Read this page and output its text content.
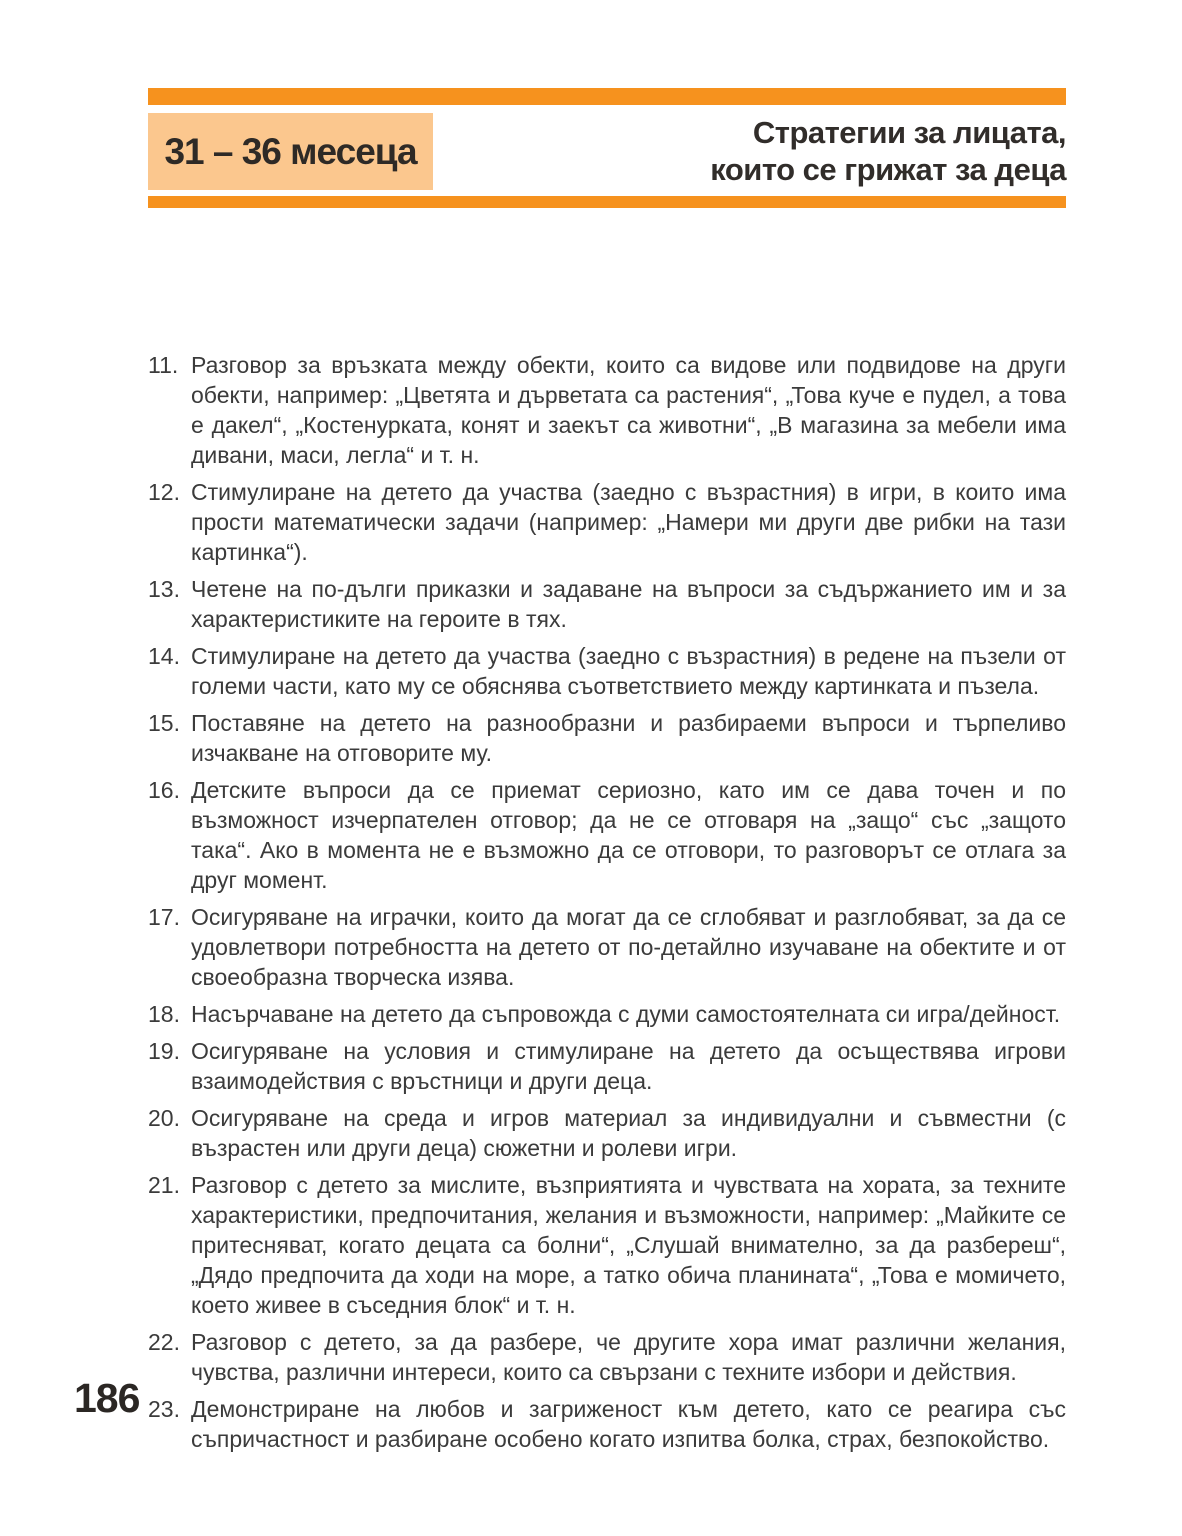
31 – 36 месеца	Стратегии за лицата,
които се грижат за деца
11. Разговор за връзката между обекти, които са видове или подвидове на други обекти, например: „Цветята и дърветата са растения“, „Това куче е пудел, а това е дакел“, „Костенурката, конят и заекът са животни“, „В магазина за мебели има дивани, маси, легла“ и т. н.

12. Стимулиране на детето да участва (заедно с възрастния) в игри, в които има прости математически задачи (например: „Намери ми други две рибки на тази картинка“).

13. Четене на по-дълги приказки и задаване на въпроси за съдържанието им и за характеристиките на героите в тях.

14. Стимулиране на детето да участва (заедно с възрастния) в редене на пъзели от големи части, като му се обяснява съответствието между картинката и пъзела.

15. Поставяне на детето на разнообразни и разбираеми въпроси и търпеливо изчакване на отговорите му.

16. Детските въпроси да се приемат сериозно, като им се дава точен и по възможност изчерпателен отговор; да не се отговаря на „защо“ със „защото така“. Ако в момента не е възможно да се отговори, то разговорът се отлага за друг момент.

17. Осигуряване на играчки, които да могат да се сглобяват и разглобяват, за да се удовлетвори потребността на детето от по-детайлно изучаване на обектите и от своеобразна творческа изява.

18. Насърчаване на детето да съпровожда с думи самостоятелната си игра/дейност.

19. Осигуряване на условия и стимулиране на детето да осъществява игрови взаимодействия с връстници и други деца.

20. Осигуряване на среда и игров материал за индивидуални и съвместни (с възрастен или други деца) сюжетни и ролеви игри.

21. Разговор с детето за мислите, възприятията и чувствата на хората, за техните характеристики, предпочитания, желания и възможности, например: „Майките се притесняват, когато децата са болни“, „Слушай внимателно, за да разбереш“, „Дядо предпочита да ходи на море, а татко обича планината“, „Това е момичето, което живее в съседния блок“ и т. н.

22. Разговор с детето, за да разбере, че другите хора имат различни желания, чувства, различни интереси, които са свързани с техните избори и действия.

23. Демонстриране на любов и загриженост към детето, като се реагира със съпричастност и разбиране особено когато изпитва болка, страх, безпокойство.

186
